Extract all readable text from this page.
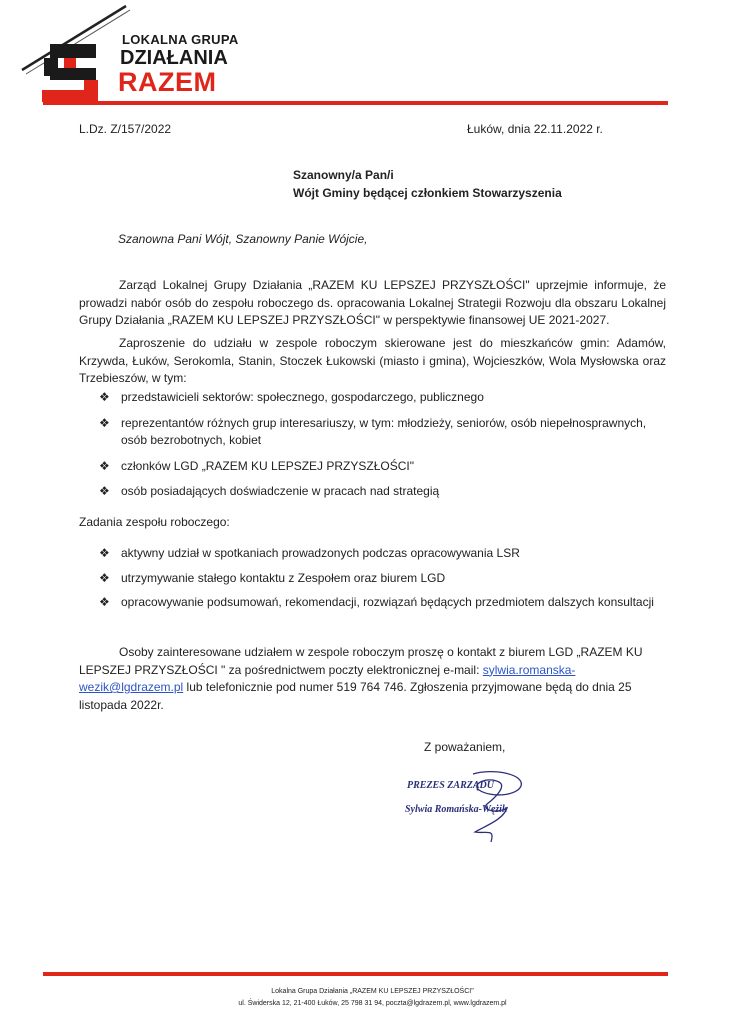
LOKALNA GRUPA
DZIAŁANIA
RAZEM
L.Dz. Z/157/2022	Łuków, dnia 22.11.2022 r.
Szanowny/a Pan/i
Wójt Gminy będącej członkiem Stowarzyszenia
Szanowna Pani Wójt, Szanowny Panie Wójcie,

Zarząd Lokalnej Grupy Działania „RAZEM KU LEPSZEJ PRZYSZŁOŚCI" uprzejmie informuje, że prowadzi nabór osób do zespołu roboczego ds. opracowania Lokalnej Strategii Rozwoju dla obszaru Lokalnej Grupy Działania „RAZEM KU LEPSZEJ PRZYSZŁOŚCI" w perspektywie finansowej UE 2021-2027.

Zaproszenie do udziału w zespole roboczym skierowane jest do mieszkańców gmin: Adamów, Krzywda, Łuków, Serokomla, Stanin, Stoczek Łukowski (miasto i gmina), Wojcieszków, Wola Mysłowska oraz Trzebieszów, w tym:

❖ przedstawicieli sektorów: społecznego, gospodarczego, publicznego
❖ reprezentantów różnych grup interesariuszy, w tym: młodzieży, seniorów, osób niepełnosprawnych, osób bezrobotnych, kobiet
❖ członków LGD „RAZEM KU LEPSZEJ PRZYSZŁOŚCI"
❖ osób posiadających doświadczenie w pracach nad strategią
Zadania zespołu roboczego:
❖ aktywny udział w spotkaniach prowadzonych podczas opracowywania LSR
❖ utrzymywanie stałego kontaktu z Zespołem oraz biurem LGD
❖ opracowywanie podsumowań, rekomendacji, rozwiązań będących przedmiotem dalszych konsultacji

Osoby zainteresowane udziałem w zespole roboczym proszę o kontakt z biurem LGD „RAZEM KU LEPSZEJ PRZYSZŁOŚCI " za pośrednictwem poczty elektronicznej e-mail: sylwia.romanska-wezik@lgdrazem.pl lub telefonicznie pod numer 519 764 746. Zgłoszenia przyjmowane będą do dnia 25 listopada 2022r.

Z poważaniem,
PREZES ZARZĄDU
Sylwia Romańska-Wężik
Lokalna Grupa Działania „RAZEM KU LEPSZEJ PRZYSZŁOŚCI"
ul. Świderska 12, 21-400 Łuków, 25 798 31 94, poczta@lgdrazem.pl, www.lgdrazem.pl
